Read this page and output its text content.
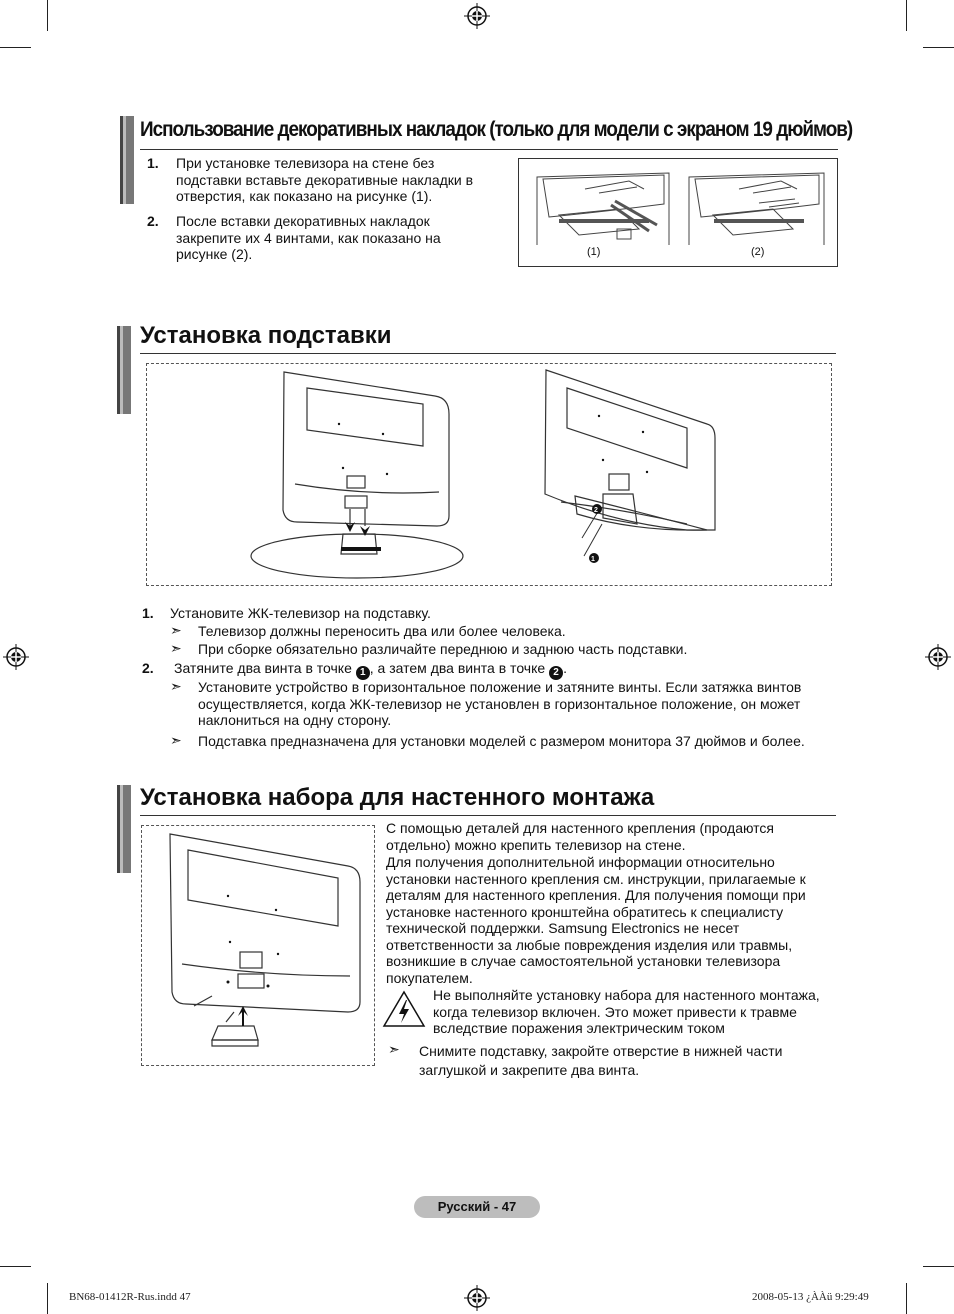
Использование декоративных накладок (только для модели с экраном 19 дюймов)
1. При установке телевизора на стене без подставки вставьте декоративные накладки в отверстия, как показано на рисунке (1).
2. После вставки декоративных накладок закрепите их 4 винтами, как показано на рисунке (2).	(1)	(2)
Установка подставки
2
1
1. Установите ЖК-телевизор на подставку.
➣ Телевизор должны переносить два или более человека.
➣ При сборке обязательно различайте переднюю и заднюю часть подставки.
2. Затяните два винта в точке 1 , а затем два винта в точке 2 .
➣ Установите устройство в горизонтальное положение и затяните винты. Если затяжка винтов осуществляется, когда ЖК-телевизор не установлен в горизонтальное положение, он может наклониться на одну сторону.
➣ Подставка предназначена для установки моделей с размером монитора 37 дюймов и более.
Установка набора для настенного монтажа
С помощью деталей для настенного крепления (продаются отдельно) можно крепить телевизор на стене.
Для получения дополнительной информации относительно установки настенного крепления см. инструкции, прилагаемые к деталям для настенного крепления. Для получения помощи при установке настенного кронштейна обратитесь к специалисту технической поддержки. Samsung Electronics не несет ответственности за любые повреждения изделия или травмы, возникшие в случае самостоятельной установки телевизора покупателем.
Не выполняйте установку набора для настенного монтажа, когда телевизор включен. Это может привести к травме вследствие поражения электрическим током
➣ Снимите подставку, закройте отверстие в нижней части заглушкой и закрепите два винта.
Русский - 47
BN68-01412R-Rus.indd 47	2008-05-13 ¿ÀÀü 9:29:49
